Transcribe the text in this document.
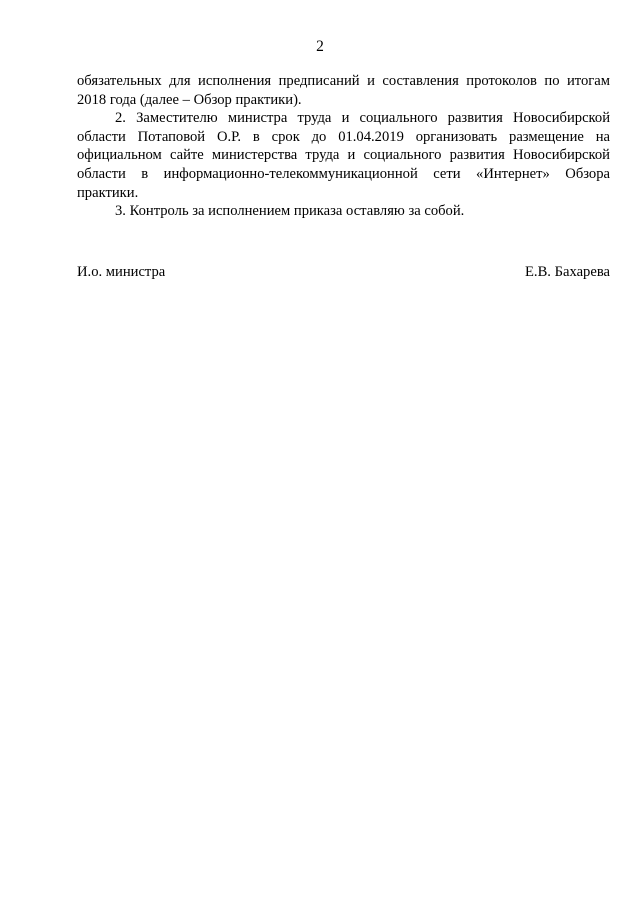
2

обязательных для исполнения предписаний и составления протоколов по итогам 2018 года (далее – Обзор практики).

2. Заместителю министра труда и социального развития Новосибирской области Потаповой О.Р. в срок до 01.04.2019 организовать размещение на официальном сайте министерства труда и социального развития Новосибирской области в информационно-телекоммуникационной сети «Интернет» Обзора практики.

3. Контроль за исполнением приказа оставляю за собой.

И.о. министра	Е.В. Бахарева
